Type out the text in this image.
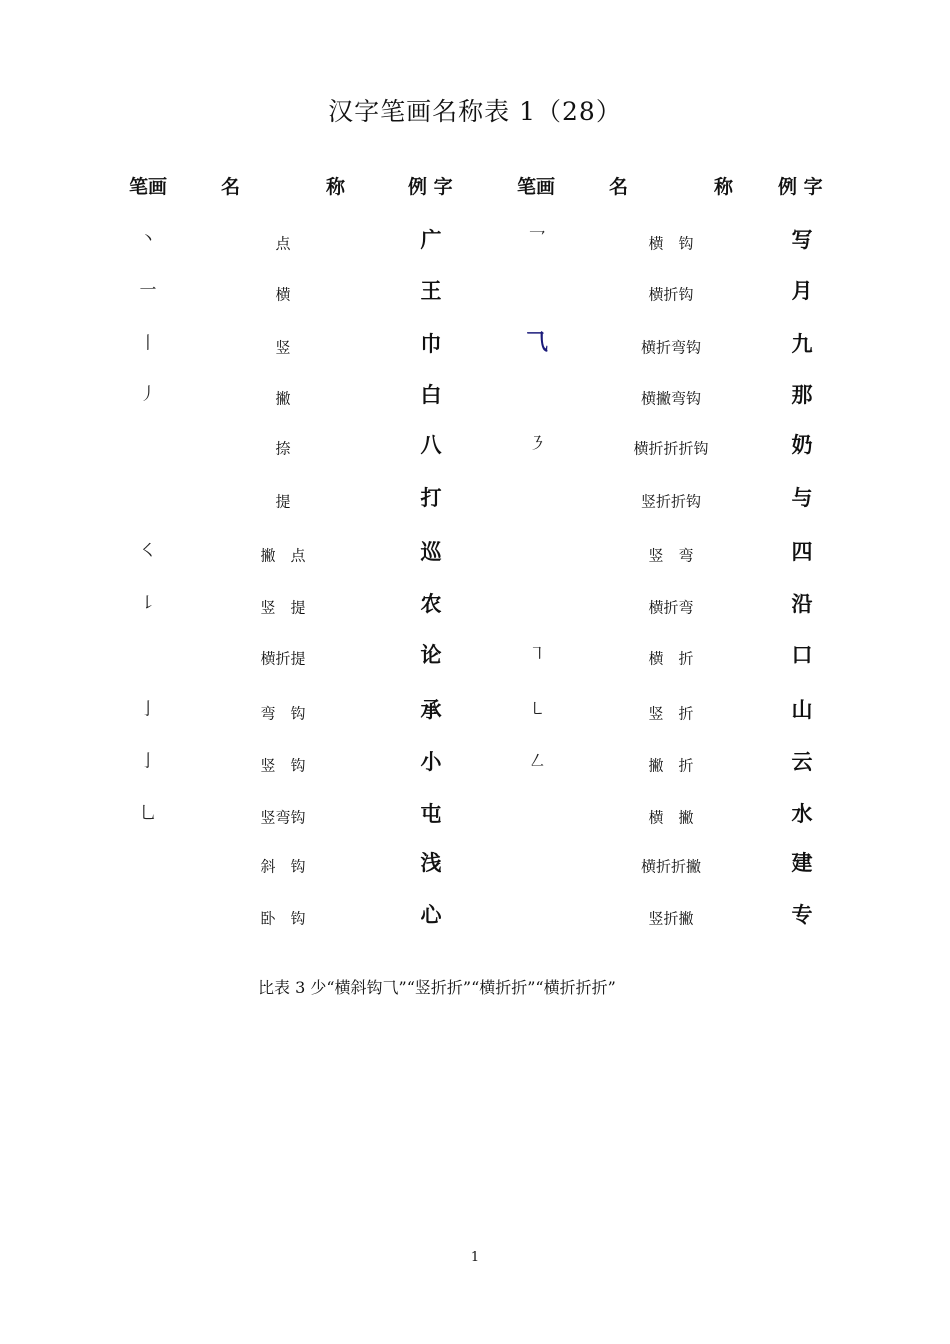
汉字笔画名称表 1（28）
笔画	名	称	例 字	笔画	名	称 例 字
丶	点	广
一	横	王
丨	竖	巾
丿	撇	白
捺	八
提	打
㇛	撇　点	巡
㇙	竖　提	农
横折提	论
亅	弯　钩	承
亅	竖　钩	小
乚	竖弯钩	屯
斜　钩	浅
卧　钩	心
乛	横　钩	写
横折钩	月
⺄	横折弯钩	九
横撇弯钩	那
㇋	横折折折钩	奶
竖折折钩	与
竖　弯	四
横折弯	沿
㇕	横　折	口
㇄	竖　折	山
㇜	撇　折	云
横　撇	水
横折折撇	建
竖折撇	专
比表 3 少“横斜钩⺄”“竖折折”“横折折”“横折折折”
1
